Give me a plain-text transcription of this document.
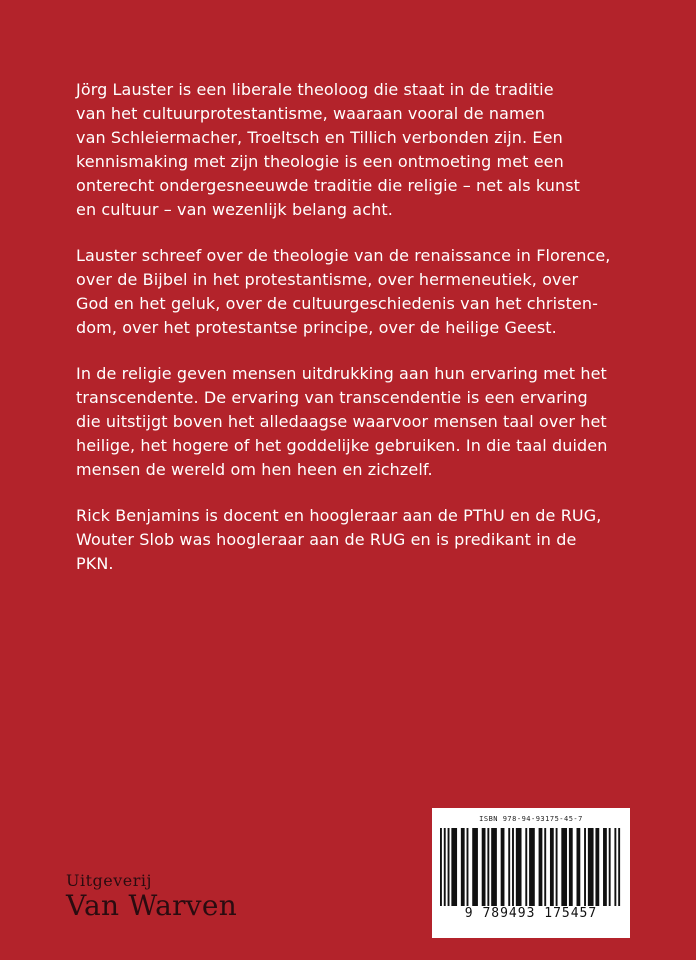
Jörg Lauster is een liberale theoloog die staat in de traditie
van het cultuurprotestantisme, waaraan vooral de namen
van Schleiermacher, Troeltsch en Tillich verbonden zijn. Een
kennismaking met zijn theologie is een ontmoeting met een
onterecht ondergesneeuwde traditie die religie – net als kunst
en cultuur – van wezenlijk belang acht.

Lauster schreef over de theologie van de renaissance in Florence,
over de Bijbel in het protestantisme, over hermeneutiek, over
God en het geluk, over de cultuurgeschiedenis van het christen-
dom, over het protestantse principe, over de heilige Geest.

In de religie geven mensen uitdrukking aan hun ervaring met het
transcendente. De ervaring van transcendentie is een ervaring
die uitstijgt boven het alledaagse waarvoor mensen taal over het
heilige, het hogere of het goddelijke gebruiken. In die taal duiden
mensen de wereld om hen heen en zichzelf.

Rick Benjamins is docent en hoogleraar aan de PThU en de RUG,
Wouter Slob was hoogleraar aan de RUG en is predikant in de
PKN.

Uitgeverij
Van Warven
ISBN 978-94-93175-45-7
9 789493 175457
